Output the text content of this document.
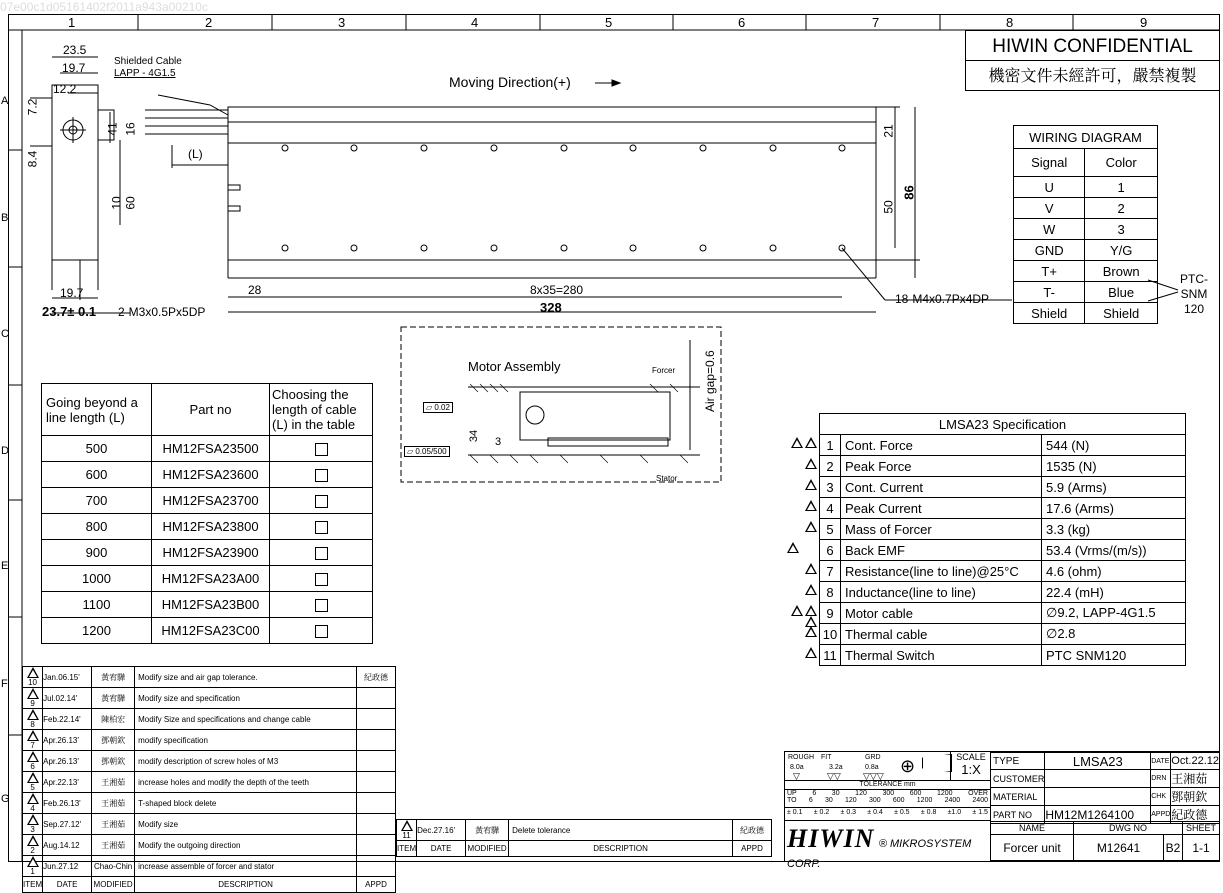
07e00c1d05161402f2011a943a00210c
1	2	3	4	5	6	7	8	9
A
B
C
D
E
F
G
Moving Direction(+)
Shielded Cable
LAPP - 4G1.5
(L)
23.5
19.7
12.2
7.2
8.4
41 16
10 60
19.7
23.7± 0.1 2-M3x0.5Px5DP
28	8x35=280
328
18-M4x0.7Px4DP
21
50
86
Motor Assembly	Forcer
Stator
Air gap=0.6
▱ 0.02
▱ 0.05/500
34 3
HIWIN CONFIDENTIAL
機密文件未經許可，嚴禁複製
WIRING DIAGRAM	
Signal	Color
U	1
V	2
W	3
GND	Y/G
T+	Brown
T-	Blue
Shield	Shield
PTC-
SNM
120
Going beyond a line length (L)	Part no	Choosing the length of cable (L) in the table
500	HM12FSA23500	
600	HM12FSA23600	
700	HM12FSA23700	
800	HM12FSA23800	
900	HM12FSA23900	
1000	HM12FSA23A00	
1100	HM12FSA23B00	
1200	HM12FSA23C00	
LMSA23 Specification		
1	Cont. Force	544 (N)
2	Peak Force	1535 (N)
3	Cont. Current	5.9 (Arms)
4	Peak Current	17.6 (Arms)
5	Mass of Forcer	3.3 (kg)
6	Back EMF	53.4 (Vrms/(m/s))
7	Resistance(line to line)@25°C	4.6 (ohm)
8	Inductance(line to line)	22.4 (mH)
9	Motor cable	∅9.2, LAPP-4G1.5
10	Thermal cable	∅2.8
11	Thermal Switch	PTC SNM120
10	Jan.06.15'	黃宥驊	Modify size and air gap tolerance.	紀政德
9	Jul.02.14'	黃宥驊	Modify size and specification	
8	Feb.22.14'	陳柏宏	Modify Size and specifications and change cable	
7	Apr.26.13'	鄧朝欽	modify specification	
6	Apr.26.13'	鄧朝欽	modify description of screw holes of M3	
5	Apr.22.13'	王湘茹	increase holes and modify the depth of the teeth	
4	Feb.26.13'	王湘茹	T-shaped block delete	
3	Sep.27.12'	王湘茹	Modify size	
2	Aug.14.12	王湘茹	Modify the outgoing direction	
1	Jun.27.12	Chao-Chin	increase assemble of forcer and stator	
ITEM	DATE	MODIFIED	DESCRIPTION	APPD
11	Dec.27.16'	黃宥驊	Delete tolerance	紀政德
ITEM	DATE	MODIFIED	DESCRIPTION	APPD
ROUGH FIT	GRD
8.0a	3.2a	0.8a
▽	▽▽ ▽▽▽ ⊕
TOLERANCE mm
UP 6 30 120 300 600 1200 OVER
TO 6 30 120 300 600 1200 2400 2400
± 0.1 ± 0.2 ± 0.3 ± 0.4 ± 0.5 ± 0.8 ±1.0 ± 1.5
SCALE
1:X
HIWIN ® MIKROSYSTEM CORP.
TYPE	LMSA23	DATE	Oct.22.12
CUSTOMER		DRN	王湘茹
MATERIAL		CHK	鄧朝欽
PART NO	HM12M1264100	APPD	紀政德
NAME	DWG NO		SHEET
Forcer unit	M12641	B2	1-1
